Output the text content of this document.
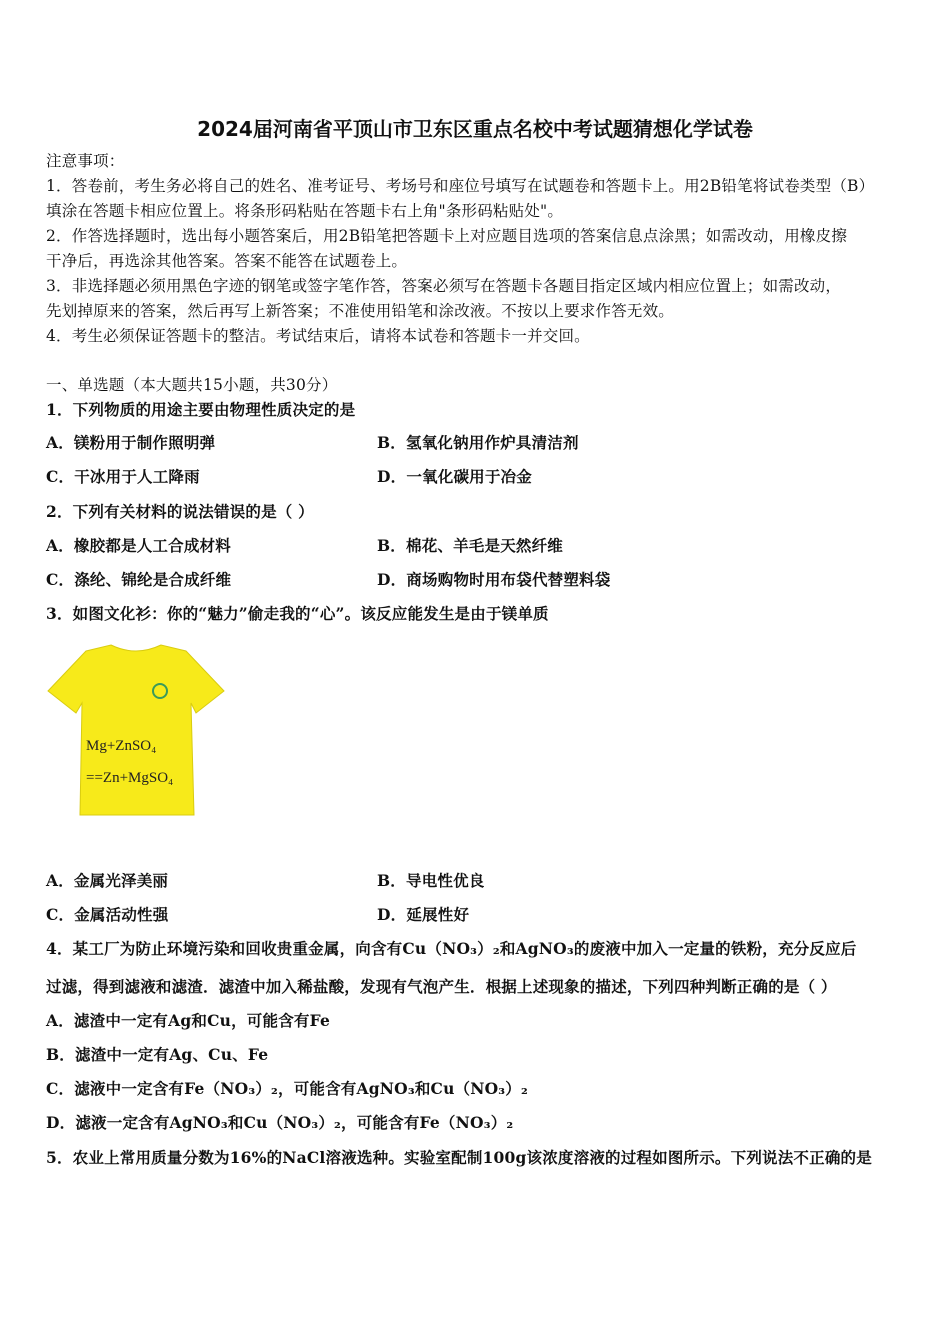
2024届河南省平顶山市卫东区重点名校中考试题猜想化学试卷
注意事项：
1．答卷前，考生务必将自己的姓名、准考证号、考场号和座位号填写在试题卷和答题卡上。用2B铅笔将试卷类型（B）
填涂在答题卡相应位置上。将条形码粘贴在答题卡右上角"条形码粘贴处"。
2．作答选择题时，选出每小题答案后，用2B铅笔把答题卡上对应题目选项的答案信息点涂黑；如需改动，用橡皮擦
干净后，再选涂其他答案。答案不能答在试题卷上。
3．非选择题必须用黑色字迹的钢笔或签字笔作答，答案必须写在答题卡各题目指定区域内相应位置上；如需改动，
先划掉原来的答案，然后再写上新答案；不准使用铅笔和涂改液。不按以上要求作答无效。
4．考生必须保证答题卡的整洁。考试结束后，请将本试卷和答题卡一并交回。
一、单选题（本大题共15小题，共30分）
1．下列物质的用途主要由物理性质决定的是
A．镁粉用于制作照明弹	B．氢氧化钠用作炉具清洁剂
C．干冰用于人工降雨	D．一氧化碳用于冶金
2．下列有关材料的说法错误的是（ ）
A．橡胶都是人工合成材料	B．棉花、羊毛是天然纤维
C．涤纶、锦纶是合成纤维	D．商场购物时用布袋代替塑料袋
3．如图文化衫：你的“魅力”偷走我的“心”。该反应能发生是由于镁单质
Mg+ZnSO₄
==Zn+MgSO₄
A．金属光泽美丽	B．导电性优良
C．金属活动性强	D．延展性好
4．某工厂为防止环境污染和回收贵重金属，向含有Cu（NO₃）₂和AgNO₃的废液中加入一定量的铁粉，充分反应后
过滤，得到滤液和滤渣．滤渣中加入稀盐酸，发现有气泡产生．根据上述现象的描述，下列四种判断正确的是（ ）
A．滤渣中一定有Ag和Cu，可能含有Fe
B．滤渣中一定有Ag、Cu、Fe
C．滤液中一定含有Fe（NO₃）₂，可能含有AgNO₃和Cu（NO₃）₂
D．滤液一定含有AgNO₃和Cu（NO₃）₂，可能含有Fe（NO₃）₂
5．农业上常用质量分数为16%的NaCl溶液选种。实验室配制100g该浓度溶液的过程如图所示。下列说法不正确的是
